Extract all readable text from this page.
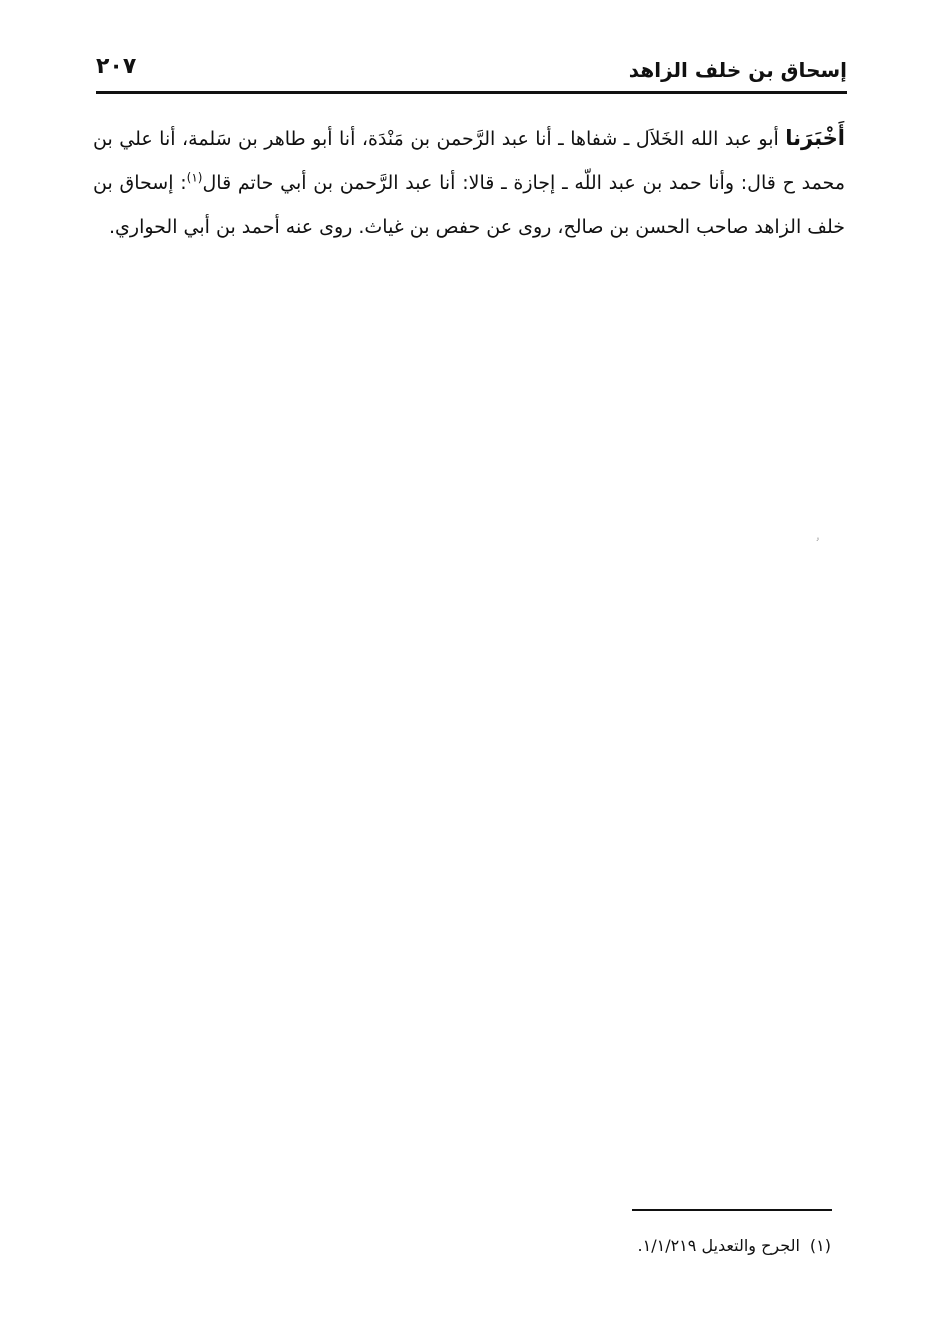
إسحاق بن خلف الزاهد
٢٠٧
أَخْبَرَنا أبو عبد الله الخَلاَل ـ شفاها ـ أنا عبد الرَّحمن بن مَنْدَة، أنا أبو طاهر بن سَلمة، أنا علي بن محمد ح قال: وأنا حمد بن عبد اللّه ـ إجازة ـ قالا: أنا عبد الرَّحمن بن أبي حاتم قال$^{(١)}$: إسحاق بن خلف الزاهد صاحب الحسن بن صالح، روى عن حفص بن غياث. روى عنه أحمد بن أبي الحواري.
(١)الجرح والتعديل ١/١/٢١٩.
ۥ
